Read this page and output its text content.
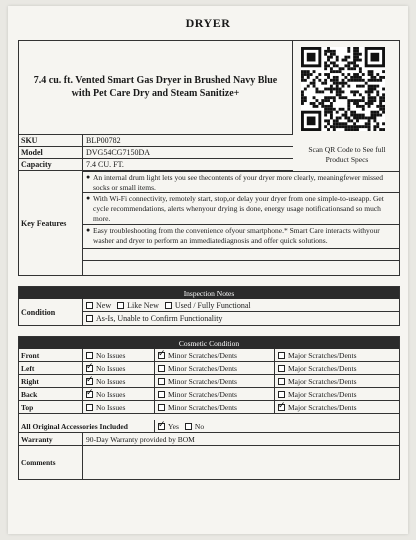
DRYER
7.4 cu. ft. Vented Smart Gas Dryer in Brushed Navy Blue with Pet Care Dry and Steam Sanitize+
Scan QR Code to See full Product Specs
SKU	BLP00782
Model	DVG54CG7150DA
Capacity	7.4 CU. FT.
Key Features
● An internal drum light lets you see thecontents of your dryer more clearly, meaningfewer missed socks or small items.
● With Wi-Fi connectivity, remotely start, stop,or delay your dryer from one simple-to-useapp. Get cycle recommendations, alerts whenyour drying is done, energy usage notificationsand so much more.
● Easy troubleshooting from the convenience ofyour smartphone.* Smart Care interacts withyour washer and dryer to perform an immediatediagnosis and offer quick solutions.
Inspection Notes
Condition
New Like New Used / Fully Functional
As-Is, Unable to Confirm Functionality
Cosmetic Condition
Front	No Issues ✓	Minor Scratches/Dents	Major Scratches/Dents
Left ✓	No Issues	Minor Scratches/Dents	Major Scratches/Dents
Right ✓	No Issues	Minor Scratches/Dents	Major Scratches/Dents
Back ✓	No Issues	Minor Scratches/Dents	Major Scratches/Dents
Top	No Issues	Minor Scratches/Dents ✓	Major Scratches/Dents
All Original Accessories Included ✓	Yes No
Warranty	90-Day Warranty provided by BOM
Comments
